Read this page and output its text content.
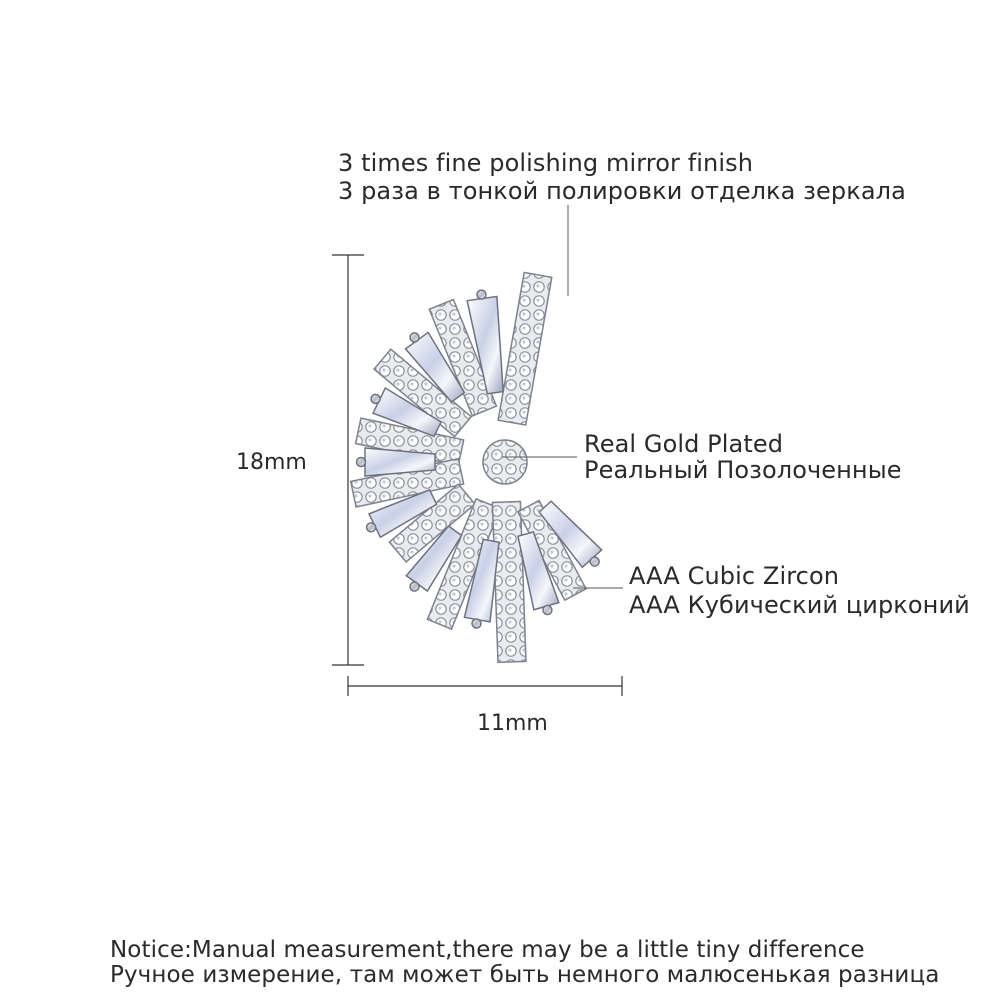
3 times fine polishing mirror finish
3 раза в тонкой полировки отделка зеркала
Real Gold Plated
Реальный Позолоченные
AAA Cubic Zircon
AAA Кубический цирконий
18mm
11mm
Notice:Manual measurement,there may be a little tiny difference
Ручное измерение, там может быть немного малюсенькая разница
